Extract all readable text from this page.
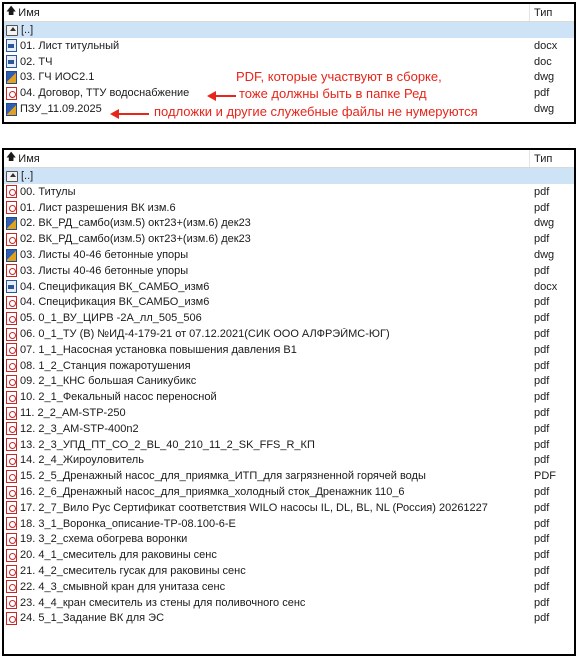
🡅 Имя	Тип
[..]
01. Лист титульный	docx
02. ТЧ	doc
03. ГЧ ИОС2.1	dwg
04. Договор, ТТУ водоснабжение	pdf
ПЗУ_11.09.2025	dwg
PDF, которые участвуют в сборке,
тоже должны быть в папке Ред
подложки и другие служебные файлы не нумеруются
🡅 Имя	Тип
[..]
00. Титулы	pdf
01. Лист разрешения ВК изм.6	pdf
02. ВК_РД_самбо(изм.5) окт23+(изм.6) дек23	dwg
02. ВК_РД_самбо(изм.5) окт23+(изм.6) дек23	pdf
03. Листы 40-46 бетонные упоры	dwg
03. Листы 40-46 бетонные упоры	pdf
04. Спецификация ВК_САМБО_изм6	docx
04. Спецификация ВК_САМБО_изм6	pdf
05. 0_1_ВУ_ЦИРВ -2А_лл_505_506	pdf
06. 0_1_ТУ (В) №ИД-4-179-21 от 07.12.2021(СИК ООО АЛФРЭЙМС-ЮГ)	pdf
07. 1_1_Насосная установка повышения давления В1	pdf
08. 1_2_Станция пожаротушения	pdf
09. 2_1_КНС большая Саникубикс	pdf
10. 2_1_Фекальный насос переносной	pdf
11. 2_2_AM-STP-250	pdf
12. 2_3_AM-STP-400n2	pdf
13. 2_3_УПД_ПТ_СО_2_BL_40_210_11_2_SK_FFS_R_КП	pdf
14. 2_4_Жироуловитель	pdf
15. 2_5_Дренажный насос_для_приямка_ИТП_для загрязненной горячей воды	PDF
16. 2_6_Дренажный насос_для_приямка_холодный сток_Дренажник 110_6	pdf
17. 2_7_Вило Рус Сертификат соответствия WILO насосы IL, DL, BL, NL (Россия) 20261227	pdf
18. 3_1_Воронка_описание-ТР-08.100-6-Е	pdf
19. 3_2_схема обогрева воронки	pdf
20. 4_1_смеситель для раковины сенс	pdf
21. 4_2_смеситель гусак для раковины сенс	pdf
22. 4_3_смывной кран для унитаза сенс	pdf
23. 4_4_кран смеситель из стены для поливочного сенс	pdf
24. 5_1_Задание ВК для ЭС	pdf
